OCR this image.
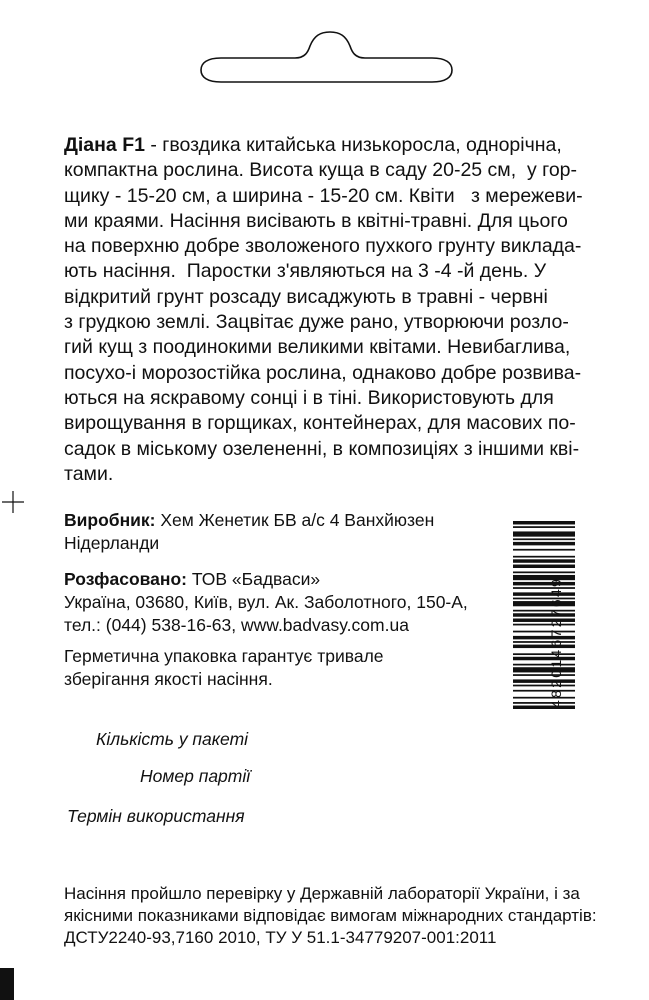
Діана F1 - гвоздика китайська низькоросла, однорічна,
компактна рослина. Висота куща в саду 20-25 см,  у гор-
щику - 15-20 см, а ширина - 15-20 см. Квіти   з мережеви-
ми краями. Насіння висівають в квітні-травні. Для цього
на поверхню добре зволоженого пухкого грунту виклада-
ють насіння.  Паростки з'являються на 3 -4 -й день. У
відкритий грунт розсаду висаджують в травні - червні
з грудкою землі. Зацвітає дуже рано, утворюючи розло-
гий кущ з поодинокими великими квітами. Невибаглива,
посухо-і морозостійка рослина, однаково добре розвива-
ються на яскравому сонці і в тіні. Використовують для
вирощування в горщиках, контейнерах, для масових по-
садок в міському озелененні, в композиціях з іншими кві-
тами.
Виробник: Хем Женетик БВ а/с 4 Ванхйюзен
Нідерланди
Розфасовано: ТОВ «Бадваси»
Україна, 03680, Київ, вул. Ак. Заболотного, 150-А,
тел.: (044) 538-16-63, www.badvasy.com.ua
Герметична упаковка гарантує тривале
зберігання якості насіння.	4820146727649
Кількість у пакеті
Номер партії
Термін використання
Насіння пройшло перевірку у Державній лабораторії України, і за
якісними показниками відповідає вимогам міжнародних стандартів:
ДСТУ2240-93,7160 2010, ТУ У 51.1-34779207-001:2011
